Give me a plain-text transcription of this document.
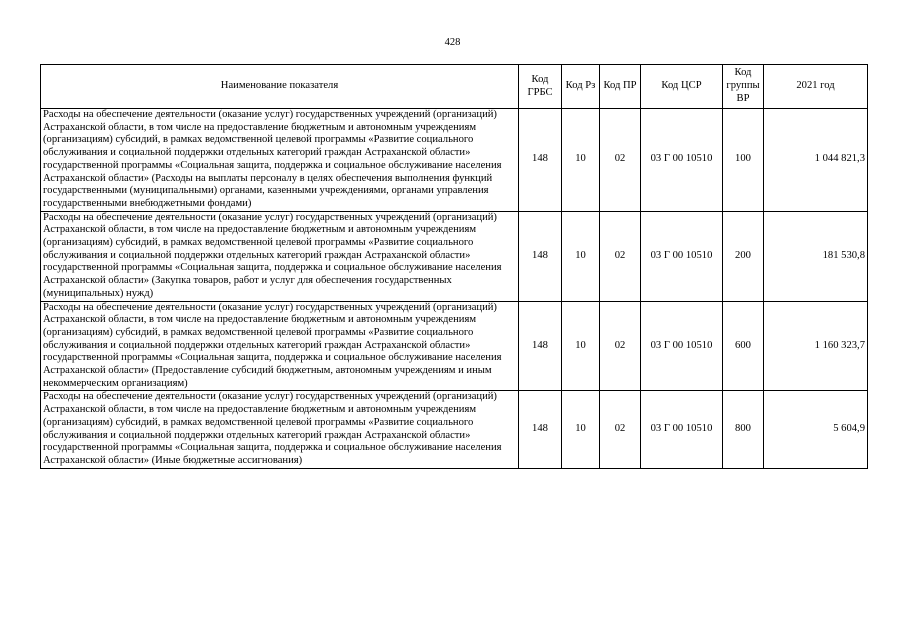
428
Наименование показателя	Код ГРБС	Код Рз	Код ПР	Код ЦСР	Код группы ВР	2021 год
Расходы на обеспечение деятельности (оказание услуг) государственных учреждений (организаций) Астраханской области, в том числе на предоставление бюджетным и автономным учреждениям (организациям) субсидий, в рамках ведомственной целевой программы «Развитие социального обслуживания и социальной поддержки отдельных категорий граждан Астраханской области» государственной программы «Социальная защита, поддержка и социальное обслуживание населения Астраханской области» (Расходы на выплаты персоналу в целях обеспечения выполнения функций государственными (муниципальными) органами, казенными учреждениями, органами управления государственными внебюджетными фондами)	148	10	02	03 Г 00 10510	100	1 044 821,3
Расходы на обеспечение деятельности (оказание услуг) государственных учреждений (организаций) Астраханской области, в том числе на предоставление бюджетным и автономным учреждениям (организациям) субсидий, в рамках ведомственной целевой программы «Развитие социального обслуживания и социальной поддержки отдельных категорий граждан Астраханской области» государственной программы «Социальная защита, поддержка и социальное обслуживание населения Астраханской области» (Закупка товаров, работ и услуг для обеспечения государственных (муниципальных) нужд)	148	10	02	03 Г 00 10510	200	181 530,8
Расходы на обеспечение деятельности (оказание услуг) государственных учреждений (организаций) Астраханской области, в том числе на предоставление бюджетным и автономным учреждениям (организациям) субсидий, в рамках ведомственной целевой программы «Развитие социального обслуживания и социальной поддержки отдельных категорий граждан Астраханской области» государственной программы «Социальная защита, поддержка и социальное обслуживание населения Астраханской области» (Предоставление субсидий бюджетным, автономным учреждениям и иным некоммерческим организациям)	148	10	02	03 Г 00 10510	600	1 160 323,7
Расходы на обеспечение деятельности (оказание услуг) государственных учреждений (организаций) Астраханской области, в том числе на предоставление бюджетным и автономным учреждениям (организациям) субсидий, в рамках ведомственной целевой программы «Развитие социального обслуживания и социальной поддержки отдельных категорий граждан Астраханской области» государственной программы «Социальная защита, поддержка и социальное обслуживание населения Астраханской области» (Иные бюджетные ассигнования)	148	10	02	03 Г 00 10510	800	5 604,9
